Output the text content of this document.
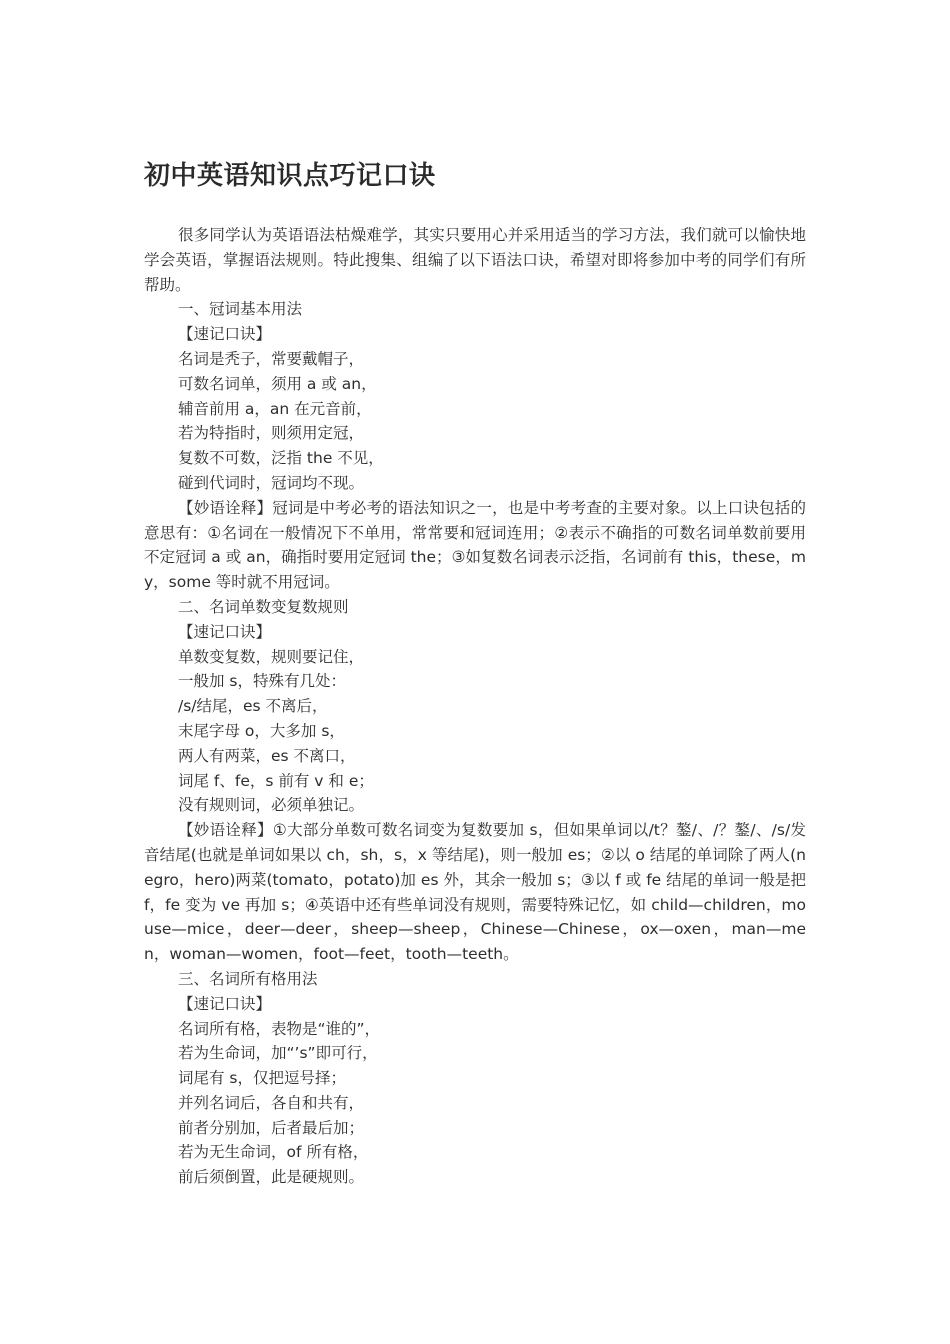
初中英语知识点巧记口诀

很多同学认为英语语法枯燥难学，其实只要用心并采用适当的学习方法，我们就可以愉快地学会英语，掌握语法规则。特此搜集、组编了以下语法口诀，希望对即将参加中考的同学们有所帮助。

一、冠词基本用法

【速记口诀】

名词是秃子，常要戴帽子，

可数名词单，须用 a 或 an，

辅音前用 a，an 在元音前，

若为特指时，则须用定冠，

复数不可数，泛指 the 不见，

碰到代词时，冠词均不现。

【妙语诠释】冠词是中考必考的语法知识之一，也是中考考查的主要对象。以上口诀包括的意思有：①名词在一般情况下不单用，常常要和冠词连用；②表示不确指的可数名词单数前要用不定冠词 a 或 an，确指时要用定冠词 the；③如复数名词表示泛指，名词前有 this，these，my，some 等时就不用冠词。

二、名词单数变复数规则

【速记口诀】

单数变复数，规则要记住，

一般加 s，特殊有几处：

/s/结尾，es 不离后，

末尾字母 o，大多加 s，

两人有两菜，es 不离口，

词尾 f、fe，s 前有 v 和 e；

没有规则词，必须单独记。

【妙语诠释】①大部分单数可数名词变为复数要加 s，但如果单词以/t？鏊/、/？鏊/、/s/发音结尾(也就是单词如果以 ch，sh，s，x 等结尾)，则一般加 es；②以 o 结尾的单词除了两人(negro，hero)两菜(tomato，potato)加 es 外，其余一般加 s；③以 f 或 fe 结尾的单词一般是把 f，fe 变为 ve 再加 s；④英语中还有些单词没有规则，需要特殊记忆，如 child—children，mouse—mice，deer—deer，sheep—sheep，Chinese—Chinese，ox—oxen，man—men，woman—women，foot—feet，tooth—teeth。

三、名词所有格用法

【速记口诀】

名词所有格，表物是“谁的”，

若为生命词，加“’s”即可行，

词尾有 s，仅把逗号择；

并列名词后，各自和共有，

前者分别加，后者最后加；

若为无生命词，of 所有格，

前后须倒置，此是硬规则。
